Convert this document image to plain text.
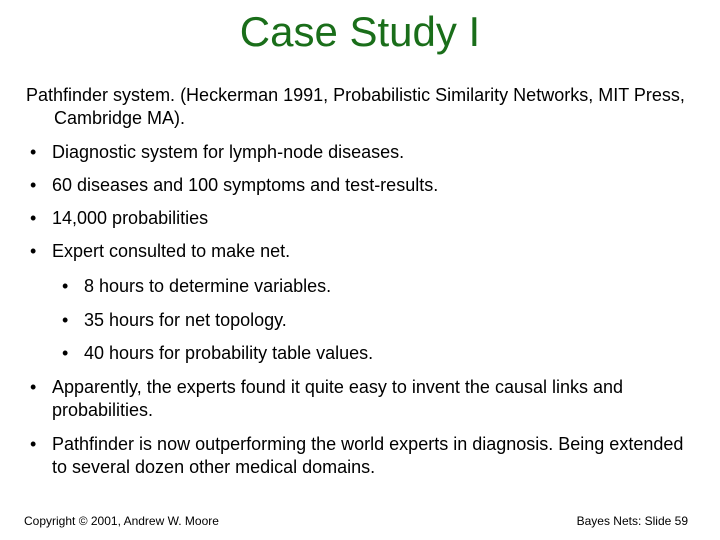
Case Study I
Pathfinder system. (Heckerman 1991, Probabilistic Similarity Networks, MIT Press, Cambridge MA).
• Diagnostic system for lymph-node diseases.
• 60 diseases and 100 symptoms and test-results.
• 14,000 probabilities
• Expert consulted to make net.
• 8 hours to determine variables.
• 35 hours for net topology.
• 40 hours for probability table values.
• Apparently, the experts found it quite easy to invent the causal links and probabilities.
• Pathfinder is now outperforming the world experts in diagnosis. Being extended to several dozen other medical domains.
Copyright © 2001, Andrew W. Moore	Bayes Nets: Slide 59
